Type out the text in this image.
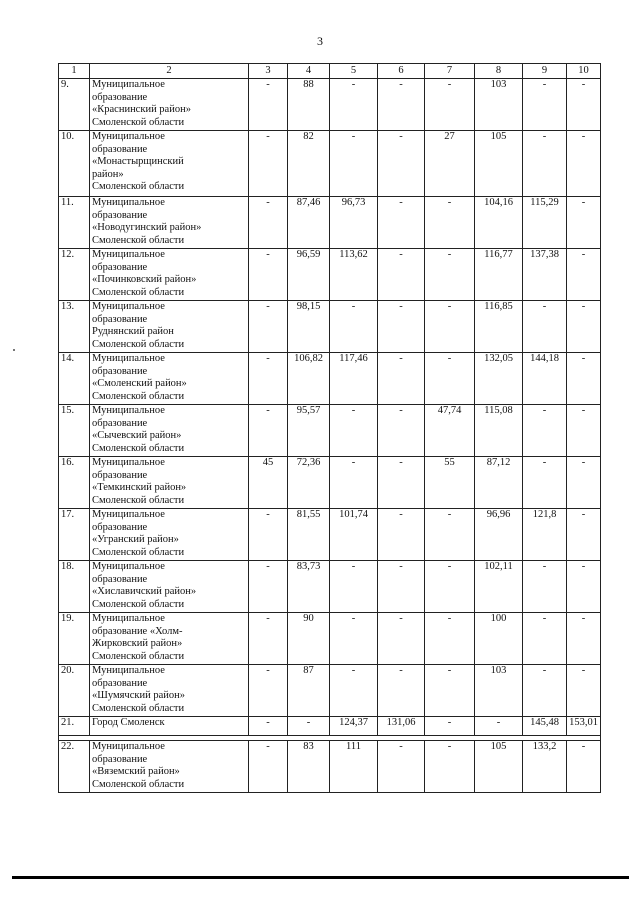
3
1	2	3	4	5	6	7	8	9	10
9.	Муниципальное
образование
«Краснинский район»
Смоленской области	-	88	-	-	-	103	-	-
10.	Муниципальное
образование
«Монастырщинский
район»
Смоленской области	-	82	-	-	27	105	-	-
11.	Муниципальное
образование
«Новодугинский район»
Смоленской области	-	87,46	96,73	-	-	104,16	115,29	-
12.	Муниципальное
образование
«Починковский район»
Смоленской области	-	96,59	113,62	-	-	116,77	137,38	-
13.	Муниципальное
образование
Руднянский район
Смоленской области	-	98,15	-	-	-	116,85	-	-
14.	Муниципальное
образование
«Смоленский район»
Смоленской области	-	106,82	117,46	-	-	132,05	144,18	-
15.	Муниципальное
образование
«Сычевский район»
Смоленской области	-	95,57	-	-	47,74	115,08	-	-
16.	Муниципальное
образование
«Темкинский район»
Смоленской области	45	72,36	-	-	55	87,12	-	-
17.	Муниципальное
образование
«Угранский район»
Смоленской области	-	81,55	101,74	-	-	96,96	121,8	-
18.	Муниципальное
образование
«Хиславичский район»
Смоленской области	-	83,73	-	-	-	102,11	-	-
19.	Муниципальное
образование «Холм-
Жирковский район»
Смоленской области	-	90	-	-	-	100	-	-
20.	Муниципальное
образование
«Шумячский район»
Смоленской области	-	87	-	-	-	103	-	-
21.	Город Смоленск	-	-	124,37	131,06	-	-	145,48	153,01

22.	Муниципальное
образование
«Вяземский район»
Смоленской области	-	83	111	-	-	105	133,2	-
